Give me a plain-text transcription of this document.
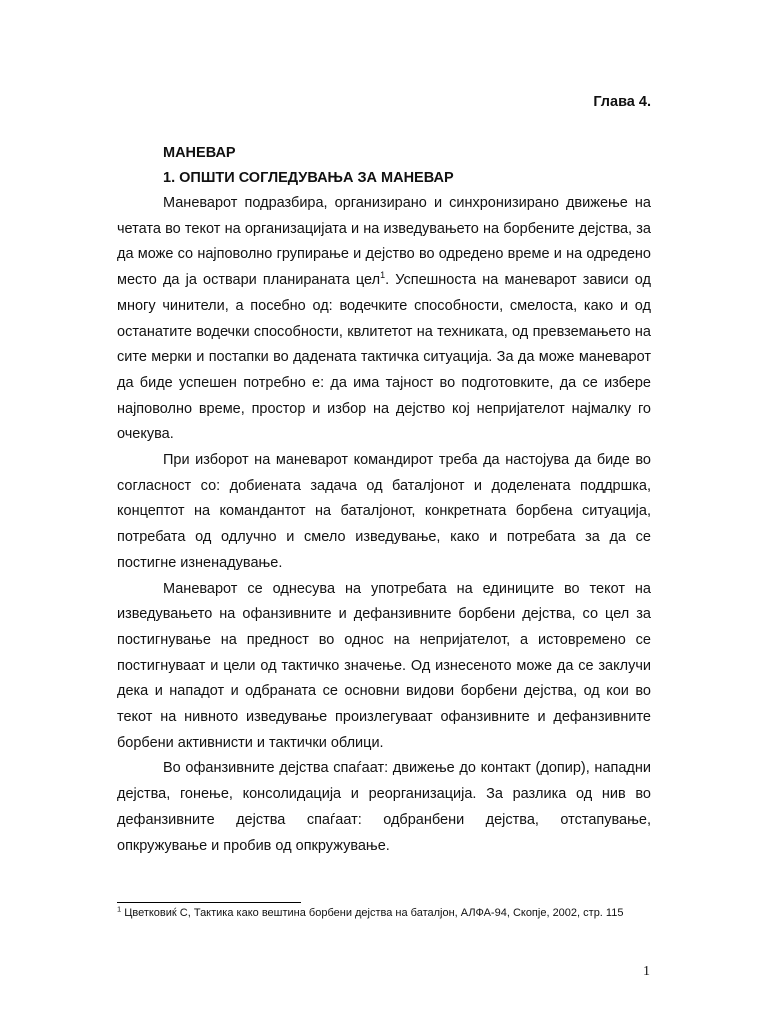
Глава 4.
МАНЕВАР
1. ОПШТИ СОГЛЕДУВАЊА ЗА МАНЕВАР

Маневарот подразбира, организирано и синхронизирано движење на четата во текот на организацијата и на изведувањето на борбените дејства, за да може со најповолно групирање и дејство во одредено време и на одредено место да ја оствари планираната цел$^1$. Успешноста на маневарот зависи од многу чинители, а посебно од: водечките способности, смелоста, како и од останатите водечки способности, квлитетот на техниката, од превземањето на сите мерки и постапки во дадената тактичка ситуација. За да може маневарот да биде успешен потребно е: да има тајност во подготовките, да се избере најповолно време, простор и избор на дејство кој непријателот најмалку го очекува.

При изборот на маневарот командирот треба да настојува да биде во согласност со: добиената задача од баталјонот и доделената поддршка, концептот на командантот на баталјонот, конкретната борбена ситуација, потребата од одлучно и смело изведување, како и потребата за да се постигне изненадување.

Маневарот се однесува на употребата на единиците во текот на изведувањето на офанзивните и дефанзивните борбени дејства, со цел за постигнување на предност во однос на непријателот, а истовремено се постигнуваат и цели од тактичко значење. Од изнесеното може да се заклучи дека и нападот и одбраната се основни видови борбени дејства, од кои во текот на нивното изведување произлегуваат офанзивните и дефанзивните борбени активнисти и тактички облици.

Во офанзивните дејства спаѓаат: движење до контакт (допир), нападни дејства, гонење, консолидација и реорганизација. За разлика од нив во дефанзивните дејства спаѓаат: одбранбени дејства, отстапување, опкружување и пробив од опкружување.

$^1$ Цветковиќ С, Тактика како вештина борбени дејства на баталјон, АЛФА-94, Скопје, 2002, стр. 115
1
